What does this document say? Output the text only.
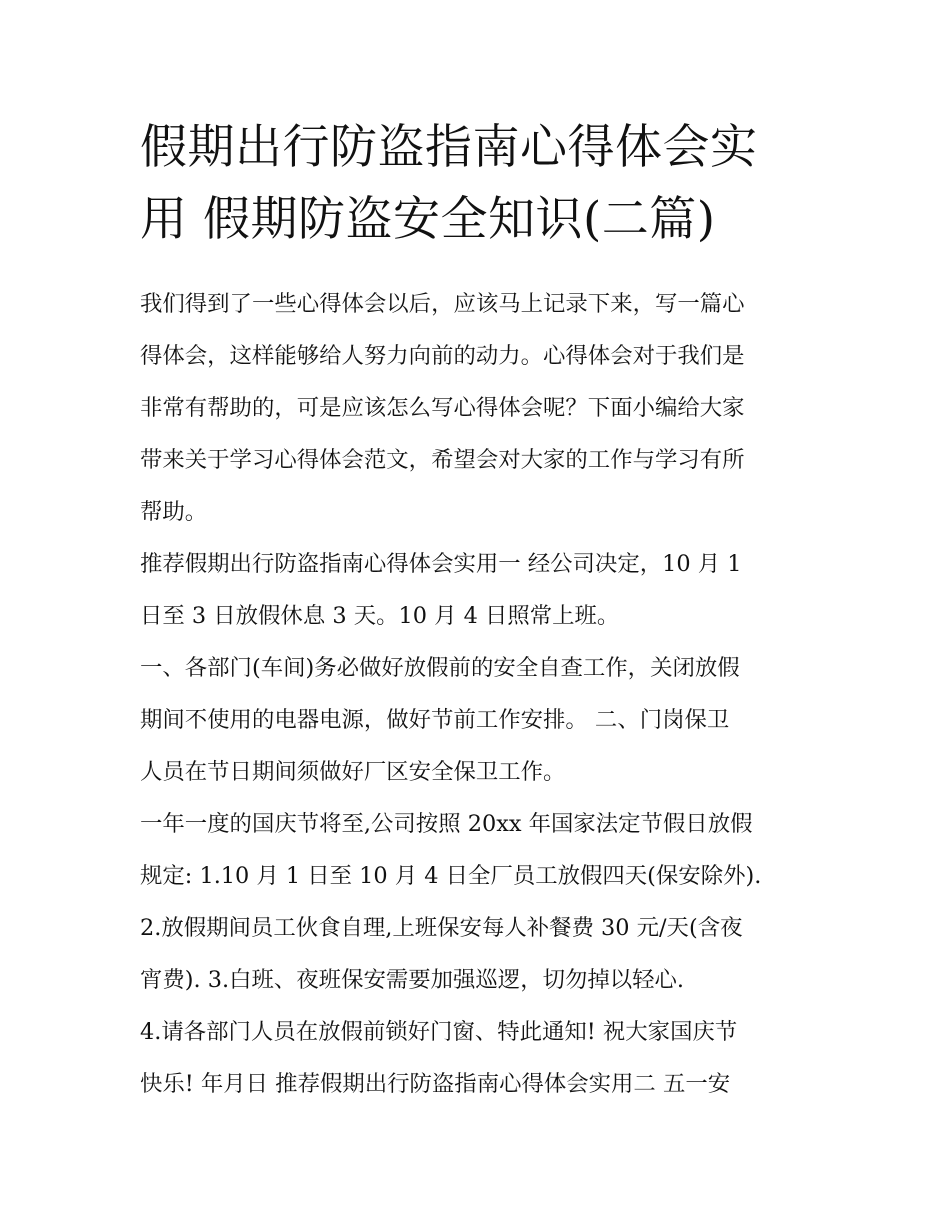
假期出行防盗指南心得体会实
用 假期防盗安全知识(二篇)
我们得到了一些心得体会以后，应该马上记录下来，写一篇心
得体会，这样能够给人努力向前的动力。心得体会对于我们是
非常有帮助的，可是应该怎么写心得体会呢？下面小编给大家
带来关于学习心得体会范文，希望会对大家的工作与学习有所
帮助。
推荐假期出行防盗指南心得体会实用一 经公司决定，10 月 1
日至 3 日放假休息 3 天。10 月 4 日照常上班。
一、各部门(车间)务必做好放假前的安全自查工作，关闭放假
期间不使用的电器电源，做好节前工作安排。 二、门岗保卫
人员在节日期间须做好厂区安全保卫工作。
一年一度的国庆节将至,公司按照 20xx 年国家法定节假日放假
规定: 1.10 月 1 日至 10 月 4 日全厂员工放假四天(保安除外).
2.放假期间员工伙食自理,上班保安每人补餐费 30 元/天(含夜
宵费). 3.白班、夜班保安需要加强巡逻，切勿掉以轻心.
4.请各部门人员在放假前锁好门窗、特此通知! 祝大家国庆节
快乐! 年月日 推荐假期出行防盗指南心得体会实用二 五一安
